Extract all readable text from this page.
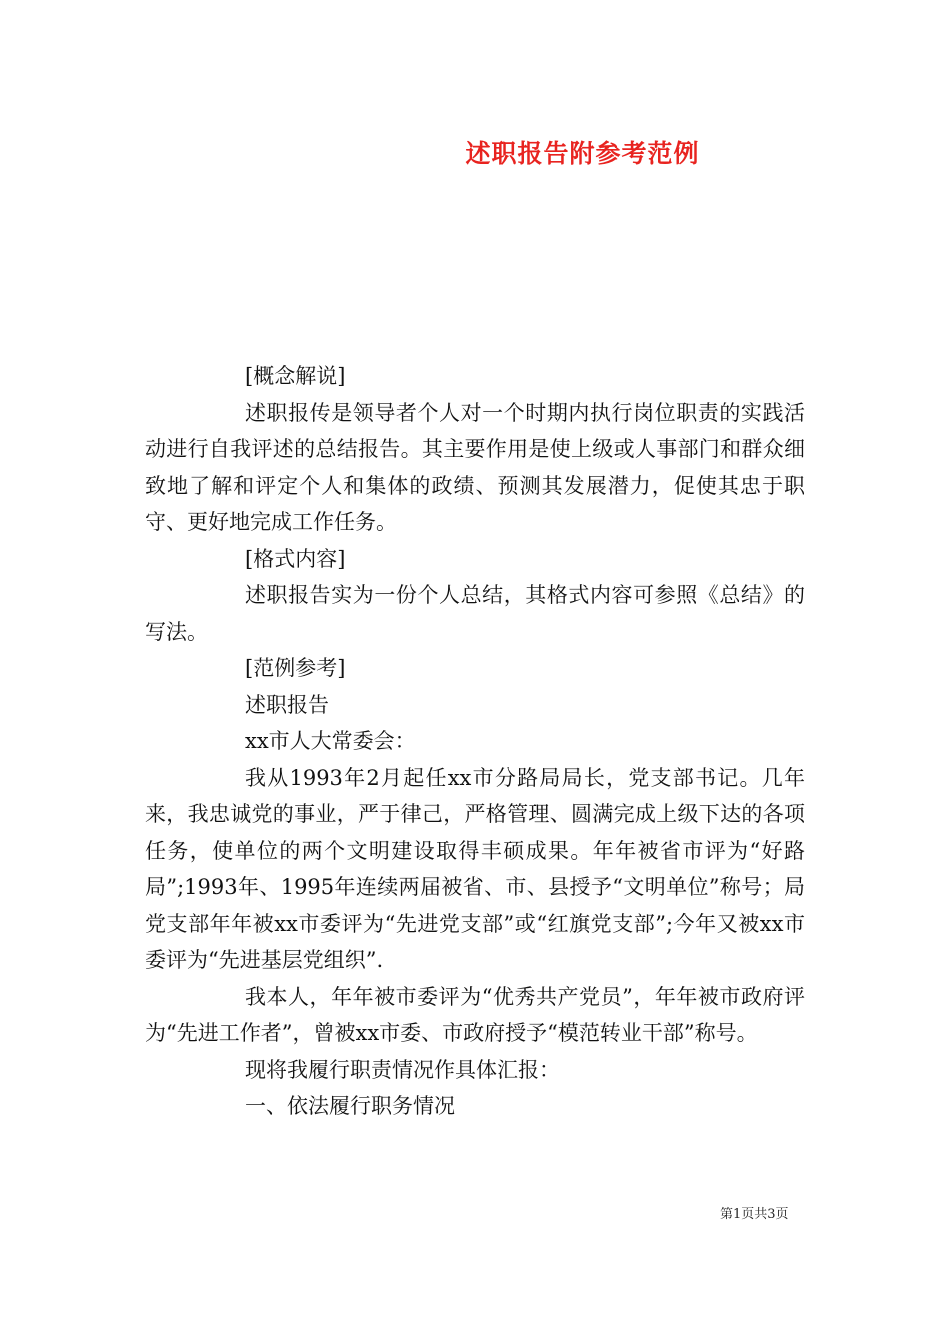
述职报告附参考范例

[概念解说]

述职报传是领导者个人对一个时期内执行岗位职责的实践活动进行自我评述的总结报告。其主要作用是使上级或人事部门和群众细致地了解和评定个人和集体的政绩、预测其发展潜力，促使其忠于职守、更好地完成工作任务。

[格式内容]

述职报告实为一份个人总结，其格式内容可参照《总结》的写法。

[范例参考]

述职报告

xx市人大常委会：

我从1993年2月起任xx市分路局局长，党支部书记。几年来，我忠诚党的事业，严于律己，严格管理、圆满完成上级下达的各项任务，使单位的两个文明建设取得丰硕成果。年年被省市评为“好路局”;1993年、1995年连续两届被省、市、县授予“文明单位”称号；局党支部年年被xx市委评为“先进党支部”或“红旗党支部”;今年又被xx市委评为“先进基层党组织”.

我本人，年年被市委评为“优秀共产党员”，年年被市政府评为“先进工作者”，曾被xx市委、市政府授予“模范转业干部”称号。

现将我履行职责情况作具体汇报：

一、依法履行职务情况

第1页共3页
